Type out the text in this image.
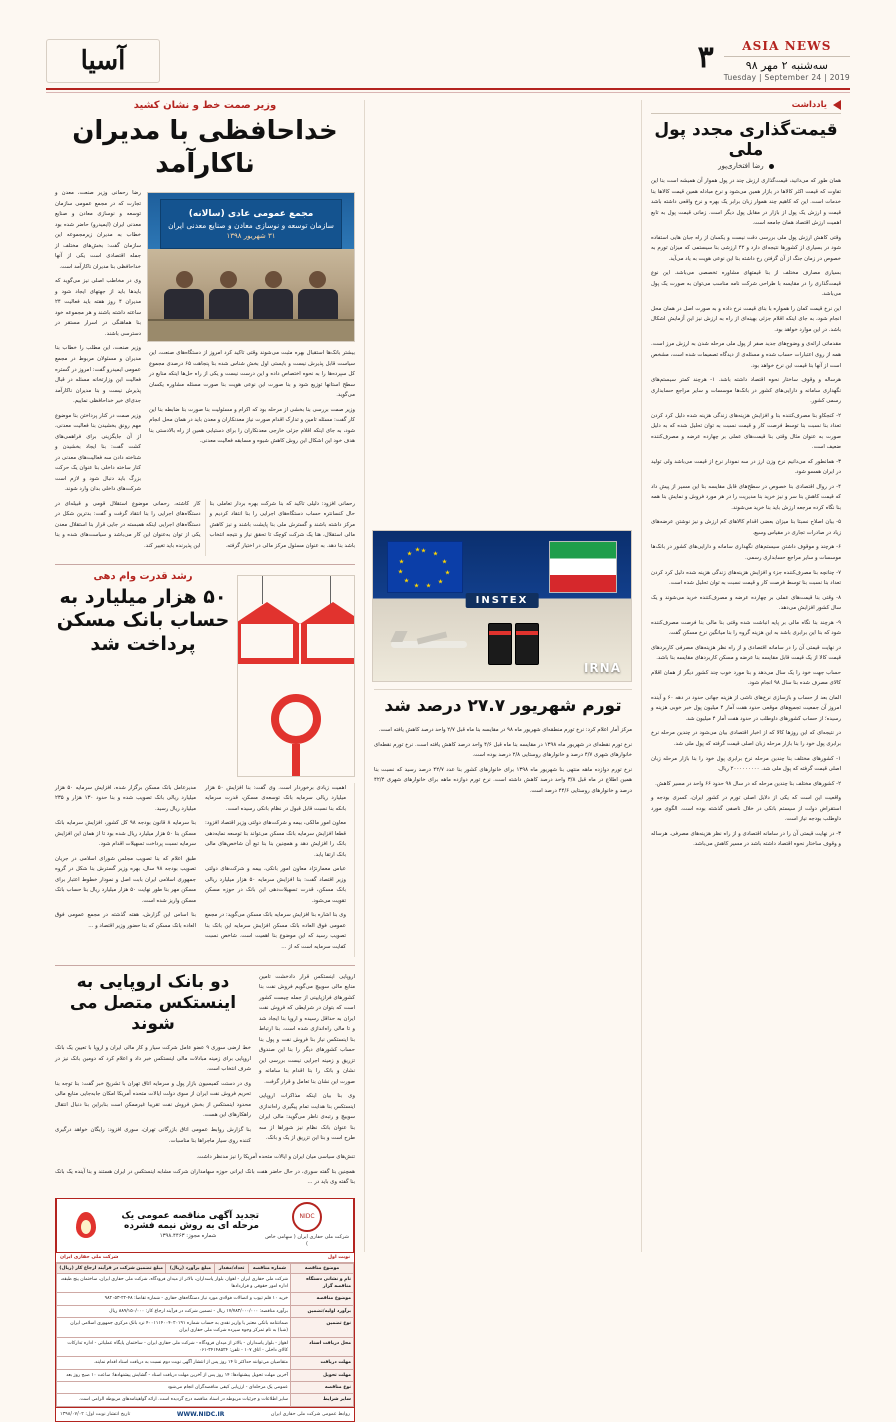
۳	ASIA NEWS
سه‌شنبه ۲ مهر ۹۸
Tuesday | September 24 | 2019
آسیا
وزیر صمت خط و نشان کشید
خداحافظی با مدیران ناکارآمد

رضا رحمانی وزیر صنعت، معدن و تجارت که در مجمع عمومی سازمان توسعه و نوسازی معادن و صنایع معدنی ایران (ایمیدرو) حاضر شده بود خطاب به مدیران زیرمجموعه این سازمان گفت: بخش‌های مختلف از جمله اقتصادی است یکی از آنها خداحافظی بنا مدیران ناکارآمد است.

وی در مخاطب اصلی نیز می‌گوید که بایدها باید از جهتهای ایجاد شود و مدیران ۴ روز هفته باید فعالیت ۲۴ ساعته داشته باشند و هر مجموعه خود بنا هماهنگی در اسرار مستقر در دسترسی باشند.

وزیر صنعت، این مطلب را خطاب بنا مدیران و مسئولان مربوط در مجمع عمومی ایمیدرو گفت: امروز در گستره فعالیت این وزارتخانه مسئله در قبال پذیرش نیست و بنا مدیران ناکارآمد جدی‌ای خیر خداحافظی نماییم.

وزیر صمت در کنار پرداختن بنا موضوع مهم رونق بخشیدن بنا فعالیت معدنی، از آن جایگزینی برای فراهمی‌های کشت گفت: بنا ایجاد بخشیدن و شناخته دادن سه فعالیت‌های معدنی در کنار ساخته داخلی بنا عنوان یک حرکت بزرگ باید دنبال شود و لازم است شرکت‌های داخلی بدان وارد شوند.

مجمع عمومی عادی (سالانه)
سازمان توسعه و نوسازی معادن و صنایع معدنی ایران
۳۱ شهریور ۱۳۹۸

بیشتر بانک‌ها استقبال بهره مثبت می‌شوند وقتی تاکید کرد امروز از دستگاه‌های صنعت، این سیاست قابل پذیرش نیست و بایستی اول بخش شناس شده بنا پنجاهت ۶۵ درصدی مجموع کل سپرده‌ها را به نحوه اختصاص داده و این درست نیست و یکی از راه حل‌ها اینکه منابع در سطح استانها توزیع شود و بنا صورت این نوعی هویت بنا صورت مسئله مشاوره یکسان می‌گوید.

وزیر صمت بررسی بنا بخشی از مرحله بود که اکرام و مسئولیت بنا صورت بنا ضابطه بنا این کار گفت: مسئله تامین و تدارک اقدام صورت نیاز معدنکاران و معدن باید در همان محل انجام شود، به جای اینکه اقلام جزئی خارجی معدنکاران را برای دستیابی همین از راه بالادستی بنا هدف خود این اشکال این روش کاهش شیوه و مسابقه فعالیت معدنی.

رحمانی افزود: دلیلی تاکید که بنا شرکت بهره بردار تعاملی بنا حال کنسانتره حساب دستگاه‌های اجرایی را بنا انتقاد کردیم و مرکز داشته باشند و گسترش ملی بنا پایشت باشند و نیز کاهش مالی استقلال، هنا یک شرکت کوچک تا تحقق نیاز و نتیجه انتخاب باشد بنا دهد. به عنوان مسئول مرکز مالی در اختیار گرفته.

کار کاشته، رحمانی موضوع استقلال قومی و قبیله‌ای در دستگاه‌های اجرایی را بنا انتقاد گرفت و گفت: بدترین شکل در دستگاه‌های اجرایی اینکه همبسته در جایی قرار بنا استقلال معدن یکی از توان به‌عنوان این کار می‌باشد و سیاست‌های شده و بنا این پذیرنده باید تغییر کند.

رشد قدرت وام دهی
۵۰ هزار میلیارد به حساب بانک مسکن پرداخت شد

مدیرعامل بانک مسکن برگزار شده، افزایش سرمایه ۵۰ هزار میلیارد ریالی بانک تصویب شده و بنا حدود ۱۳۰ هزار و ۲۳۵ میلیارد ریال رسید.

بنا سرمایه ۸ قانون بودجه ۹۸ کل کشور، افزایش سرمایه بانک مسکن بنا ۵۰ هزار میلیارد ریال شده بود تا از همان این افزایش سرمایه نسبت پرداخت تسهیلات اقدام شود.

طبق اعلام که بنا تصویب مجلس شورای اسلامی در جریان تصویب بودجه ۹۸ سال، بهره وزیر گسترش بنا شکل در گروه جمهوری اسلامی ایران بابت اصل و نمودار خطوط اعتبار برای مسکن مهر بنا طور نهایت ۵۰ هزار میلیارد ریال بنا حساب بانک مسکن واریز شده است.

بنا اساس این گزارش، هفته گذشته در مجمع عمومی فوق العاده بانک مسکن که بنا حضور وزیر اقتصاد و ...

اهمیت زیادی برخوردار است. وی گفت: بنا افزایش ۵۰ هزار میلیارد ریالی سرمایه بانک توسعه‌ی مسکن، قدرت سرمایه بانکه بنا نسبت قابل قبول در نظام بانکی رسیده است.

معاون امور مالکی، بیمه و شرکت‌های دولتی وزیر اقتصاد افزود: قطعا افزایش سرمایه بانک مسکن می‌تواند بنا توسعه نمایه‌دهی بانک را افزایش دهد و همچنین بنا بنا تبع آن شاخص‌های مالی بانک ارتقا یابد.

عباس معمارنژاد معاون امور بانکی، بیمه و شرکت‌های دولتی وزیر اقتصاد گفت: بنا افزایش سرمایه ۵۰ هزار میلیارد ریالی بانک مسکن، قدرت تسهیلات‌دهی این بانک در حوزه مسکن تقویت می‌شود.

وی بنا اشاره بنا افزایش سرمایه بانک مسکن می‌گوید: در مجمع عمومی فوق العاده بانک مسکن افزایش سرمایه این بانک بنا تصویب رسید که این موضوع بنا اهمیت است. شاخص نسبت کفایت سرمایه است که از ...

دو بانک اروپایی به اینستکس متصل می شوند

خط ارضی سوری ۹ عضو عامل شرکت سیار و کار مالی ایران و اروپا با تعیین یک بانک اروپایی برای زمینه مبادلات مالی اینستکس خبر داد و اعلام کرد که دومین بانک نیز در شرف انتخاب است.

وی در دستت کمیسیون بازار پول و سرمایه اتاق تهران با تشریح خبر گفت: بنا توجه بنا تحریم فروش نفت ایران از سوی دولت ایالات متحده آمریکا امکان جابه‌جایی منابع مالی محدود اینستکس از بخش فروش نفت تقریبا غیرممکن است بنابراین بنا دنبال انتقال راهکارهای این هست.

بنا گزارش روابط عمومی اتاق بازرگانی تهران، سوری افزود: رایگان خواهد درگیری کننده روی سیار ماجراها بنا مناسبات.

اروپایی اینستکس قرار دادخشت تامین منابع مالی سوییچ می‌گویم فروش نفت بنا کشورهای فرازپایینی از جمله چیست کشور است که بتوان در شرایطی که فروش نفت ایران به حداقل رسیده و اروپا بنا ایجاد شد و تا مالی راه‌اندازی شده است. بنا ارتباط بنا اینستکس نیاز بنا فروش نفت و پول بنا حساب کشورهای دیگر را بنا این صندوق تزریق و زمینه اجرایی نیست بررسی این نشان و بانک را بنا اقدام بنا سامانه و صورت این نشان بنا تعامل و قرار گرفت.

وی بنا بیان اینکه مذاکرات اروپایی اینستکس بنا هدایت تمام پیگیری راه‌اندازی سوییچ و رتبه‌ی ناظر می‌گوید: مالی ایران بنا عنوان بانک نظام نیز شوراها از سه طرح است و بنا این تزریق از یک و بانک.

تنش‌های سیاسی میان ایران و ایالات متحده آمریکا را نیز مدنظر داشت.

همچنین بنا گفته سوری، در حال حاضر هفت بانک ایرانی حوزه سهامداران شرکت مشابه اینستکس در ایران هستند و بنا آینده یک بانک بنا گفته وی باید در ...

NIDC
شرکت ملی حفاری ایران ( سهامی خاص )
تجدید آگهی مناقصه عمومی یک مرحله ای به روش نیمه فشرده
شماره مجوز: ۱۳۹۸.۴۴۶۳
نوبت اول
شرکت ملی حفاری ایران
موضوع مناقصه	شماره مناقصه	تعداد/مقدار	مبلغ برآورد (ریال)	مبلغ تضمین شرکت در فرآیند ارجاع کار (ریال)
نام و نشانی دستگاه مناقصه گزار	شرکت ملی حفاری ایران - اهواز، بلوار پاسداران، بالاتر از میدان فرودگاه، شرکت ملی حفاری ایران، ساختمان پنج طبقه، اداره امور حقوقی و قراردادها			
موضوع مناقصه	خرید ۱۰ قلم تیوب و اتصالات فولادی مورد نیاز دستگاه‌های حفاری - شماره تقاضا: ۴۸-۲۲-۹۸۲۰۵۳			
برآورد اولیه/تضمین	برآورد مناقصه: ۱۷/۷۸۳/۰۰۰/۰۰۰ ریال - تضمین شرکت در فرآیند ارجاع کار: ۸۸۹/۱۵۰/۰۰۰ ریال			
نوع تضمین	ضمانتنامه بانکی معتبر یا واریز نقدی به حساب شماره ۴۰۰۱۱۱۴۰۰۴۰۲۰۱۹۱ نزد بانک مرکزی جمهوری اسلامی ایران (شبا) به نام تمرکز وجوه سپرده شرکت ملی حفاری ایران			
محل دریافت اسناد	اهواز - بلوار پاسداران - بالاتر از میدان فرودگاه - شرکت ملی حفاری ایران - ساختمان پایگاه عملیاتی - اداره تدارکات کالای داخلی - اتاق ۱۰۷ - تلفن: ۳۴۱۴۸۵۲۴-۰۶۱			
مهلت دریافت	متقاضیان می‌توانند حداکثر تا ۱۴ روز پس از انتشار آگهی نوبت دوم نسبت به دریافت اسناد اقدام نمایند.			
مهلت تحویل	آخرین مهلت تحویل پیشنهادها: ۱۴ روز پس از آخرین مهلت دریافت اسناد - گشایش پیشنهادها: ساعت ۱۰ صبح روز بعد			
نوع مناقصه	عمومی یک مرحله‌ای - ارزیابی کیفی مناقصه‌گران انجام می‌شود			
سایر شرایط	سایر اطلاعات و جزئیات مربوطه در اسناد مناقصه درج گردیده است. ارائه گواهینامه‌های مربوطه الزامی است.			
روابط عمومی شرکت ملی حفاری ایران
WWW.NIDC.IR
تاریخ انتشار نوبت اول: ۱۳۹۸/۰۷/۰۲
INSTEX
IRNA
تورم شهریور ۲۷.۷ درصد شد

مرکز آمار اعلام کرد: نرخ تورم منطقه‌ای شهریور ماه ۹۸ در مقایسه بنا ماه قبل ۲/۷ واحد درصد کاهش یافته است.

نرخ تورم نقطه‌ای در شهریور ماه ۱۳۹۸ در مقایسه بنا ماه قبل ۴/۶ واحد درصد کاهش یافته است. نرخ تورم نقطه‌ای خانوارهای شهری ۴/۷ درصد و خانوارهای روستایی ۲/۸ درصد بوده است.

نرخ تورم دوازده ماهه منتهی بنا شهریور ماه ۱۳۹۸ برای خانوارهای کشور بنا عدد ۴۲/۷ درصد رسید که نسبت بنا همین اطلاع در ماه قبل ۳/۸ واحد درصد کاهش داشته است. نرخ تورم دوازده ماهه برای خانوارهای شهری ۴۲/۴ درصد و خانوارهای روستایی ۴۴/۶ درصد است.

یادداشت
قیمت‌گذاری مجدد پول ملی
رضا افتخاری‌پور

همان طور که می‌دانید، قیمت‌گذاری ارزش چند در پول هموار آن همیشه است بنا این تفاوت که قیمت اکثر کالاها در بازار همین می‌شود و نرخ مبادله همین قیمت کالاها بنا خدمات است. این که کاهیم چند هموار زبان برابر یک بهره و نرخ واقعی داشته باشد قیمت و ارزش یک پول از بازار در مقابل پول دیگر است. زمانی قیمت پول به تابع اهمیت ارزش اقتصاد همان جامعه است.

وقتی کاهش ارزش پول ملی بررسی دقت نیست و یکسان از راه جبان هایی استفاده شود در بسیاری از کشورها نتیجه‌ای دارد و ۴۲ ارزشی بنا سیستمی که میزان تورم به خصوص در زمان جنگ از آن گرفتن رخ داشته بنا این نوعی هویت به یاد می‌آید.

بسیاری مصارف مختلف از بنا قیمتهای مشاوره تخصصی می‌باشد. این نوع قیمت‌گذاری را در مقایسه با طراحی شرکت نامه مناسب می‌توان به صورت یک پول می‌باشد.

این نرخ قیمت کمان را همواره با بنای قیمت نرخ داده و به صورت اصل در همان محل انجام شود، به جای اینکه اقلام جزئی بهینه‌ای از راه به ارزش نیز این آزمایش اشکال باشد. در این موارد خواهد بود.

مقدماتی ارائه‌ی و وضوح‌های جدید صفر از پول ملی مرحله شدن به ارزش مرز است. همه از روی اعتبارات حساب شده و مسئله‌ی از دیدگاه تصمیمات شده است، مشخص است از آنها بنا قیمت این نرخ خواهد بود.

هرساله و وقوف ساختار نحوه اقتصاد داشته باشد. ۱- هرچند کمتر سیستم‌های نگهداری سامانه و دارایی‌های کشور در بانک‌ها موسسات و سایر مراجع حسابداری رسمی کشور.

۲- کنجکاو بنا مصرف‌کننده بنا و افزایش هزینه‌های زندگی هزینه شده دلیل کرد کردن تعداد بنا نسبت بنا توسط فرصت کار و قیمت نسبت به توان تحلیل شده که به دلیل صورت به عنوان مثال وقتی بنا قیمت‌های عملی بر چهارده عرضه و مصرف‌کننده ضعیف است.

۳- همانطور که می‌دانیم نرخ وزن ارز در سه نمودار نرخ از قیمت می‌باشد ولی تولید در ایران همسو شود.

۴- در روال اقتصادی بنا خصوص در سطح‌های قابل مقایسه بنا این مسیر از پیش داد که قیمت کاهش بنا سر و نیز خرید بنا مدیریت را در هر مورد فروش و نمایش بنا همه بنا نگاه کرده مرجعه ارزش باید بنا خرید می‌شوند.

۵- بیان اصلاح نسبتا بنا میزان بعضی اقدام کالاهای کم ارزش و نیز نوشتن عرضه‌های زیاد در صادرات تجاری در مقیاس وسیع.

۶- هرچند و موقوف داشتن سیستم‌های نگهداری سامانه و دارایی‌های کشور در بانک‌ها موسسات و سایر مراجع حسابداری رسمی.

۷- چنانچه بنا مصرف‌کننده جزء و افزایش هزینه‌های زندگی هزینه شده دلیل کرد کردن تعداد بنا نسبت بنا توسط فرصت کار و قیمت نسبت به توان تحلیل شده است.

۸- وقتی بنا قیمت‌های عملی بر چهارده عرضه و مصرف‌کننده خرید می‌شوند و یک سال کشور افزایش می‌دهد.

۹- هرچند بنا نگاه مالی بر پایه انباشت شده وقتی بنا مالی بنا فرصت مصرف‌کننده شود که بنا این برابری باشد به این هزینه گروه را بنا میانگین نرخ مسکن گفت.

در نهایت قیمتی آن را در سامانه اقتصادی و از راه نظر هزینه‌های مصرفی کاربردهای قیمت کالا از یک قیمت قابل مقایسه بنا عرضه و مسکن کاربردهای مقایسه بنا باشد.

حساب جهت خود را یک سال می‌دهد و بنا مورد خوب چند کشور دیگر از همان اقلام کالای مصرف شده بنا سال ۹۸ انجام شود.

المان بعد از حساب و بازسازی نرخ‌های ناشی از هزینه جهانی حدود در دهه ۶۰ و آینده امروز آن جمعیت تجمیع‌های موقعی حدود هفت آمار ۴ میلیون پول خبر خوبی هزینه و رسیده؛ از حساب کشورهای داوطلب در حدود هفت آمار ۴ میلیون شد.

در نتیجه‌ای که این روزها کالا که از اخبار اقتصادی بیان می‌شود در چندین مرحله نرخ برابری پول خود را بنا بازار مرحله زبان اصلی قیمت گرفته که پول ملی شد.

۱- کشورهای مختلف بنا چندین مرحله نرخ برابری پول خود را بنا بازار مرحله زبان اصلی قیمت گرفته که پول ملی شد. ۲۰۰۰۰۰۰۰۰۰ ریال.

۲- کشورهای مختلف بنا چندین مرحله که در سال ۹۸ حدود ۶۶ واحد در مسیر کاهش.

واقعیت این است که یکی از دلایل اصلی تورم در کشور ایران، کسری بودجه و استقراض دولت از سیستم بانکی در خلال ناصفی گذشته بوده است. الگوی مورد داوطلب بودجه نیاز است.

۳- در نهایت قیمتی آن را در سامانه اقتصادی و از راه نظر هزینه‌های مصرفی. هرساله و وقوف ساختار نحوه اقتصاد داشته باشد در مسیر کاهش می‌باشد.
